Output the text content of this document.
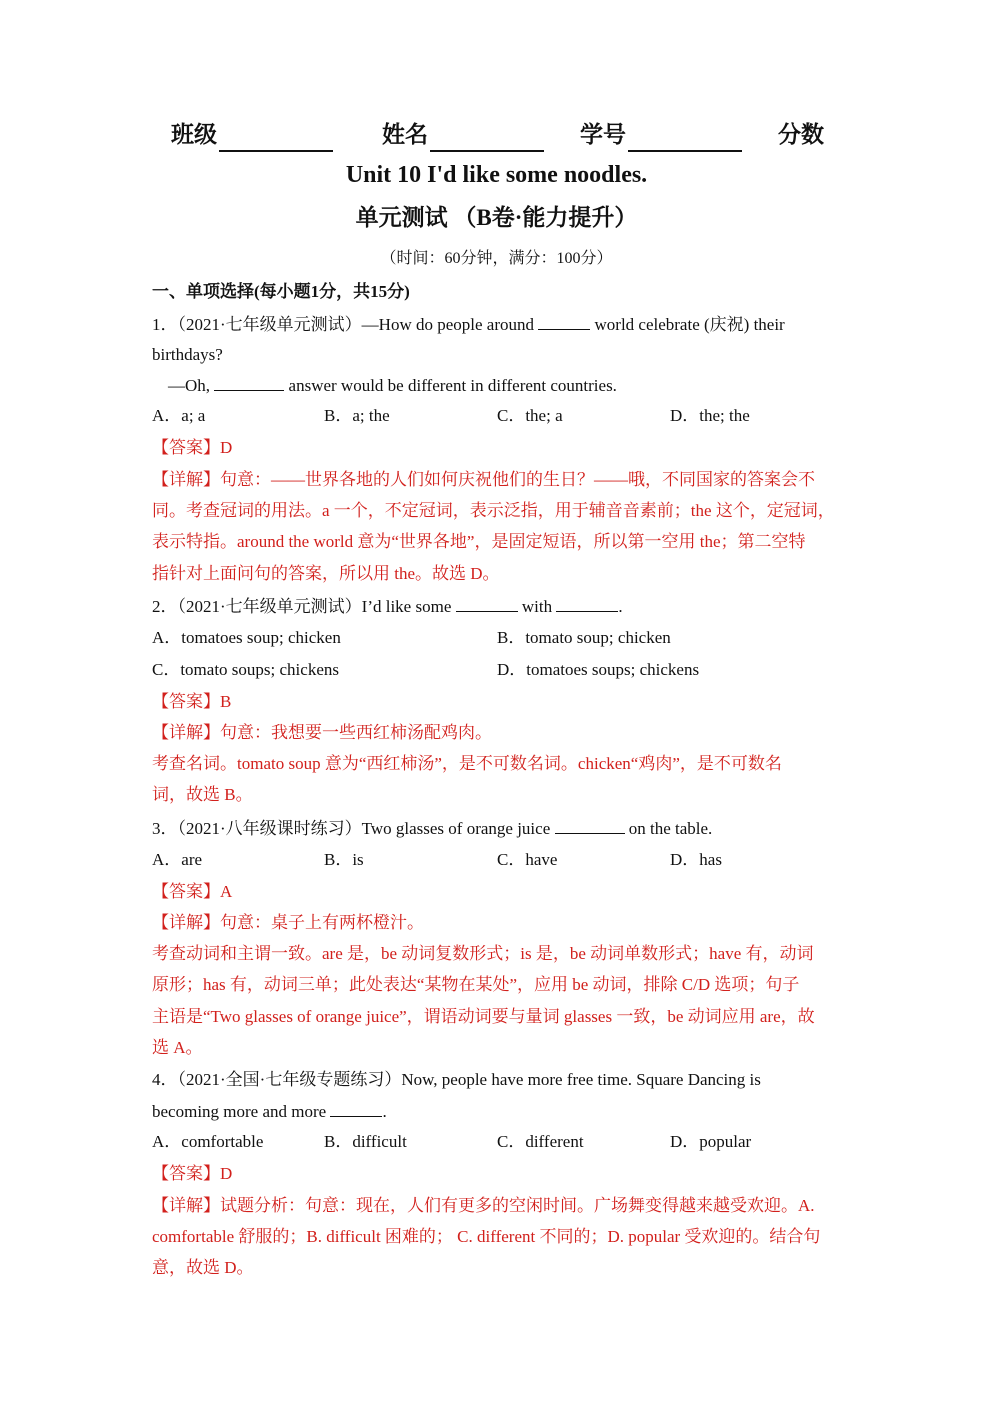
班级	姓名	学号	分数
Unit 10 I'd like some noodles.
单元测试 （B卷·能力提升）
（时间：60分钟，满分：100分）
一、单项选择(每小题1分，共15分)
1．（2021·七年级单元测试）—How do people around	world celebrate (庆祝) their
birthdays?
—Oh,	answer would be different in different countries.
A．a; a	B．a; the	C．the; a	D．the; the
【答案】D
【详解】句意：——世界各地的人们如何庆祝他们的生日？——哦，不同国家的答案会不
同。考查冠词的用法。a 一个，不定冠词，表示泛指，用于辅音音素前；the 这个，定冠词，
表示特指。around the world 意为“世界各地”，是固定短语，所以第一空用 the；第二空特
指针对上面问句的答案，所以用 the。故选 D。
2．（2021·七年级单元测试）I’d like some	with	.
A．tomatoes soup; chicken	B．tomato soup; chicken
C．tomato soups; chickens	D．tomatoes soups; chickens
【答案】B
【详解】句意：我想要一些西红柿汤配鸡肉。
考查名词。tomato soup 意为“西红柿汤”，是不可数名词。chicken“鸡肉”，是不可数名
词，故选 B。
3．（2021·八年级课时练习）Two glasses of orange juice	on the table.
A．are	B．is	C．have	D．has
【答案】A
【详解】句意：桌子上有两杯橙汁。
考查动词和主谓一致。are 是，be 动词复数形式；is 是，be 动词单数形式；have 有，动词
原形；has 有，动词三单；此处表达“某物在某处”，应用 be 动词，排除 C/D 选项；句子
主语是“Two glasses of orange juice”，谓语动词要与量词 glasses 一致，be 动词应用 are，故
选 A。
4．（2021·全国·七年级专题练习）Now, people have more free time. Square Dancing is
becoming more and more	.
A．comfortable	B．difficult	C．different	D．popular
【答案】D
【详解】试题分析：句意：现在，人们有更多的空闲时间。广场舞变得越来越受欢迎。A.
comfortable 舒服的；B. difficult 困难的； C. different 不同的；D. popular 受欢迎的。结合句
意，故选 D。
